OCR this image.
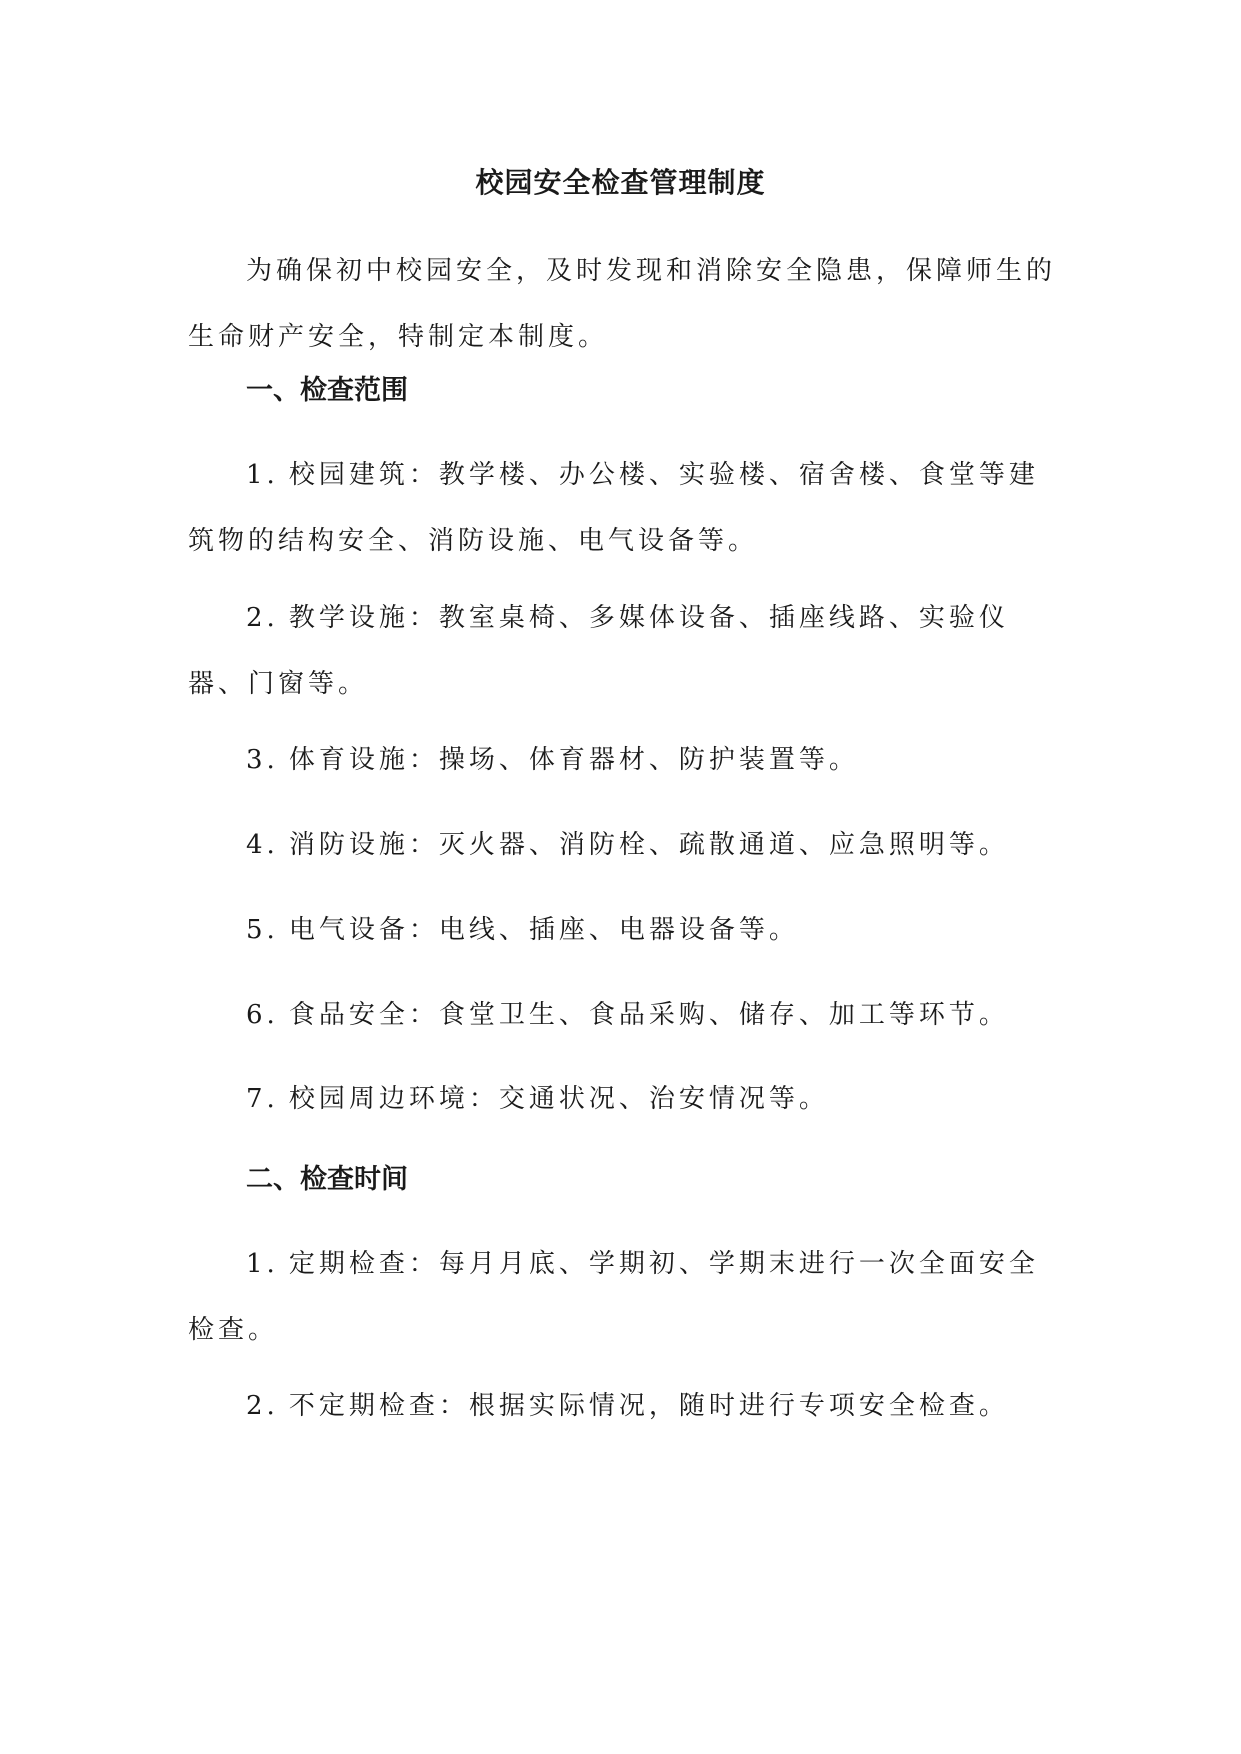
校园安全检查管理制度

为确保初中校园安全，及时发现和消除安全隐患，保障师生的生命财产安全，特制定本制度。

一、检查范围

1. 校园建筑：教学楼、办公楼、实验楼、宿舍楼、食堂等建筑物的结构安全、消防设施、电气设备等。

2. 教学设施：教室桌椅、多媒体设备、插座线路、实验仪器、门窗等。

3. 体育设施：操场、体育器材、防护装置等。

4. 消防设施：灭火器、消防栓、疏散通道、应急照明等。

5. 电气设备：电线、插座、电器设备等。

6. 食品安全：食堂卫生、食品采购、储存、加工等环节。

7. 校园周边环境：交通状况、治安情况等。

二、检查时间

1. 定期检查：每月月底、学期初、学期末进行一次全面安全检查。

2. 不定期检查：根据实际情况，随时进行专项安全检查。
